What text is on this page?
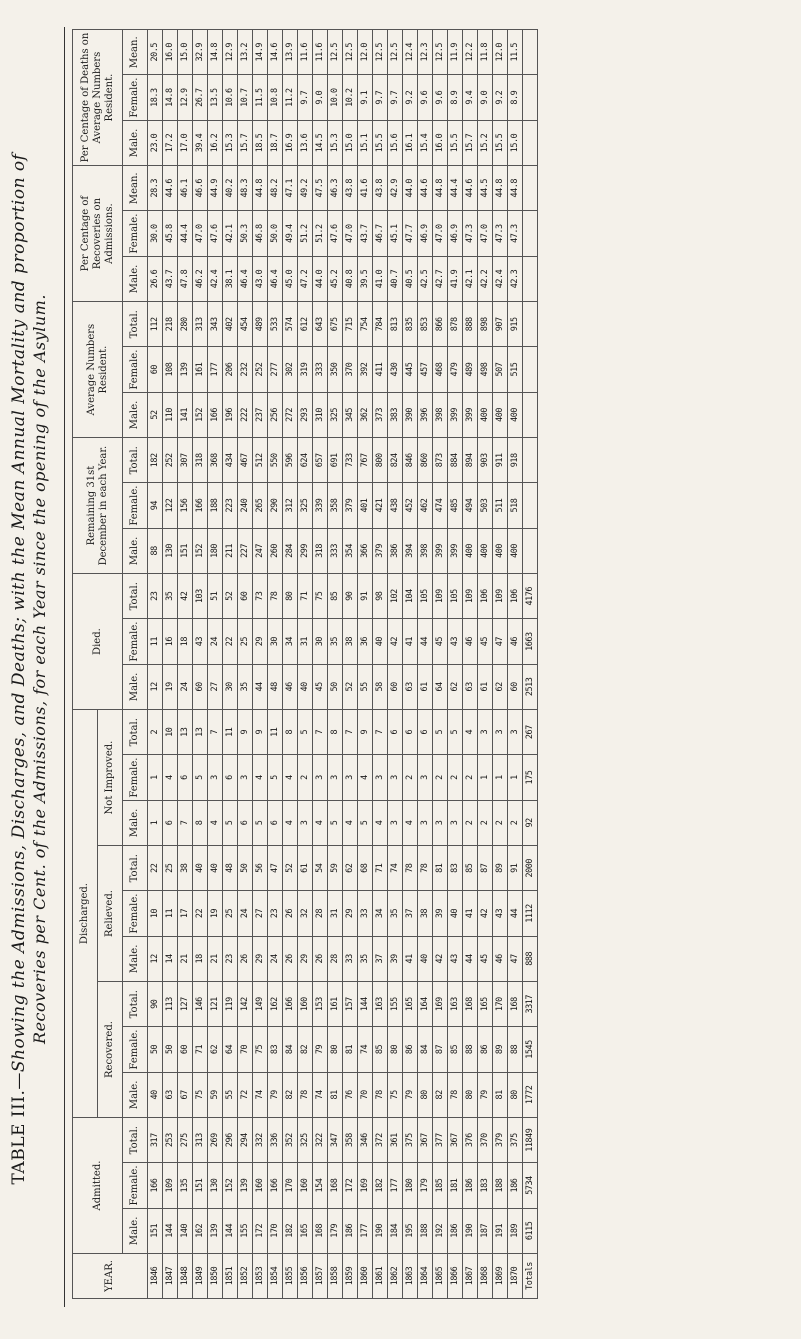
TABLE III.—Showing the Admissions, Discharges, and Deaths; with the Mean Annual Mortality and proportion of Recoveries per Cent. of the Admissions, for each Year since the opening of the Asylum.
YEAR.	Admitted.			Discharged.									Died.			Remaining 31st December in each Year.			Average Numbers Resident.			Per Centage of Recoveries on Admissions.			Per Centage of Deaths on Average Numbers Resident.		
				Recovered.			Relieved.			Not Improved.																	
	Male.	Female.	Total.	Male.	Female.	Total.	Male.	Female.	Total.	Male.	Female.	Total.	Male.	Female.	Total.	Male.	Female.	Total.	Male.	Female.	Total.	Male.	Female.	Mean.	Male.	Female.	Mean.
1846	151	166	317	40	50	90	12	10	22	1	1	2	12	11	23	88	94	182	52	60	112	26.6	30.0	28.3	23.0	18.3	20.5
1847	144	109	253	63	50	113	14	11	25	6	4	10	19	16	35	130	122	252	110	108	218	43.7	45.8	44.6	17.2	14.8	16.0
1848	140	135	275	67	60	127	21	17	38	7	6	13	24	18	42	151	156	307	141	139	280	47.8	44.4	46.1	17.0	12.9	15.0
1849	162	151	313	75	71	146	18	22	40	8	5	13	60	43	103	152	166	318	152	161	313	46.2	47.0	46.6	39.4	26.7	32.9
1850	139	130	269	59	62	121	21	19	40	4	3	7	27	24	51	180	188	368	166	177	343	42.4	47.6	44.9	16.2	13.5	14.8
1851	144	152	296	55	64	119	23	25	48	5	6	11	30	22	52	211	223	434	196	206	402	38.1	42.1	40.2	15.3	10.6	12.9
1852	155	139	294	72	70	142	26	24	50	6	3	9	35	25	60	227	240	467	222	232	454	46.4	50.3	48.3	15.7	10.7	13.2
1853	172	160	332	74	75	149	29	27	56	5	4	9	44	29	73	247	265	512	237	252	489	43.0	46.8	44.8	18.5	11.5	14.9
1854	170	166	336	79	83	162	24	23	47	6	5	11	48	30	78	260	290	550	256	277	533	46.4	50.0	48.2	18.7	10.8	14.6
1855	182	170	352	82	84	166	26	26	52	4	4	8	46	34	80	284	312	596	272	302	574	45.0	49.4	47.1	16.9	11.2	13.9
1856	165	160	325	78	82	160	29	32	61	3	2	5	40	31	71	299	325	624	293	319	612	47.2	51.2	49.2	13.6	9.7	11.6
1857	168	154	322	74	79	153	26	28	54	4	3	7	45	30	75	318	339	657	310	333	643	44.0	51.2	47.5	14.5	9.0	11.6
1858	179	168	347	81	80	161	28	31	59	5	3	8	50	35	85	333	358	691	325	350	675	45.2	47.6	46.3	15.3	10.0	12.5
1859	186	172	358	76	81	157	33	29	62	4	3	7	52	38	90	354	379	733	345	370	715	40.8	47.0	43.8	15.0	10.2	12.5
1860	177	169	346	70	74	144	35	33	68	5	4	9	55	36	91	366	401	767	362	392	754	39.5	43.7	41.6	15.1	9.1	12.0
1861	190	182	372	78	85	163	37	34	71	4	3	7	58	40	98	379	421	800	373	411	784	41.0	46.7	43.8	15.5	9.7	12.5
1862	184	177	361	75	80	155	39	35	74	3	3	6	60	42	102	386	438	824	383	430	813	40.7	45.1	42.9	15.6	9.7	12.5
1863	195	180	375	79	86	165	41	37	78	4	2	6	63	41	104	394	452	846	390	445	835	40.5	47.7	44.0	16.1	9.2	12.4
1864	188	179	367	80	84	164	40	38	78	3	3	6	61	44	105	398	462	860	396	457	853	42.5	46.9	44.6	15.4	9.6	12.3
1865	192	185	377	82	87	169	42	39	81	3	2	5	64	45	109	399	474	873	398	468	866	42.7	47.0	44.8	16.0	9.6	12.5
1866	186	181	367	78	85	163	43	40	83	3	2	5	62	43	105	399	485	884	399	479	878	41.9	46.9	44.4	15.5	8.9	11.9
1867	190	186	376	80	88	168	44	41	85	2	2	4	63	46	109	400	494	894	399	489	888	42.1	47.3	44.6	15.7	9.4	12.2
1868	187	183	370	79	86	165	45	42	87	2	1	3	61	45	106	400	503	903	400	498	898	42.2	47.0	44.5	15.2	9.0	11.8
1869	191	188	379	81	89	170	46	43	89	2	1	3	62	47	109	400	511	911	400	507	907	42.4	47.3	44.8	15.5	9.2	12.0
1870	189	186	375	80	88	168	47	44	91	2	1	3	60	46	106	400	518	918	400	515	915	42.3	47.3	44.8	15.0	8.9	11.5
Totals	6115	5734	11849	1772	1545	3317	888	1112	2000	92	175	267	2513	1663	4176												
